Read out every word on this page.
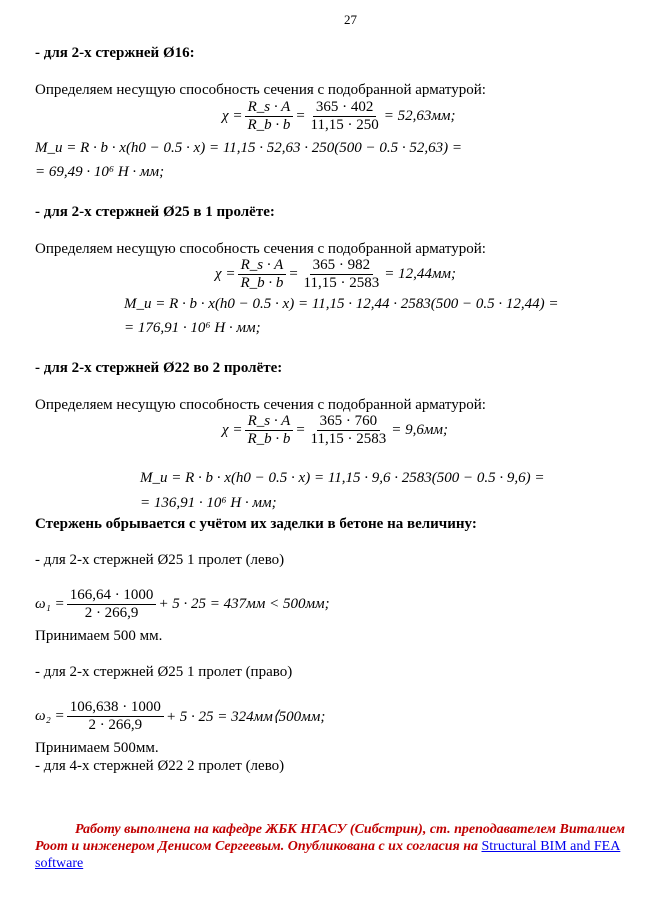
27
- для 2-х стержней Ø16:
Определяем несущую способность сечения с подобранной арматурой:
$\chi = \frac{R\_s \cdot A}{R\_b \cdot b} = \frac{365 \cdot 402}{11,15 \cdot 250} = 52,63мм$;
M_u = R · b · x(h0 − 0.5 · x) = 11,15 · 52,63 · 250(500 − 0.5 · 52,63) =
= 69,49 · 10⁶ Н · мм;
- для 2-х стержней Ø25 в 1 пролёте:
Определяем несущую способность сечения с подобранной арматурой:
$\chi = \frac{R\_s \cdot A}{R\_b \cdot b} = \frac{365 \cdot 982}{11,15 \cdot 2583} = 12,44мм$;
M_u = R · b · x(h0 − 0.5 · x) = 11,15 · 12,44 · 2583(500 − 0.5 · 12,44) =
= 176,91 · 10⁶ Н · мм;
- для 2-х стержней Ø22 во 2 пролёте:
Определяем несущую способность сечения с подобранной арматурой:
$\chi = \frac{R\_s \cdot A}{R\_b \cdot b} = \frac{365 \cdot 760}{11,15 \cdot 2583} = 9,6мм$;
M_u = R · b · x(h0 − 0.5 · x) = 11,15 · 9,6 · 2583(500 − 0.5 · 9,6) =
= 136,91 · 10⁶ Н · мм;
Стержень обрывается с учётом их заделки в бетоне на величину:
- для 2-х стержней Ø25 1 пролет (лево)
$\omega_1 = \frac{166,64 \cdot 1000}{2 \cdot 266,9} + 5 \cdot 25 = 437мм < 500мм$;
Принимаем 500 мм.
- для 2-х стержней Ø25 1 пролет (право)
$\omega_2 = \frac{106,638 \cdot 1000}{2 \cdot 266,9} + 5 \cdot 25$ = 324мм⟨500мм;
Принимаем 500мм.
- для 4-х стержней Ø22 2 пролет (лево)
Работу выполнена на кафедре ЖБК НГАСУ (Сибстрин), ст. преподавателем Виталием
Роот и инженером Денисом Сергеевым. Опубликована с их согласия на Structural BIM and FEA
software
